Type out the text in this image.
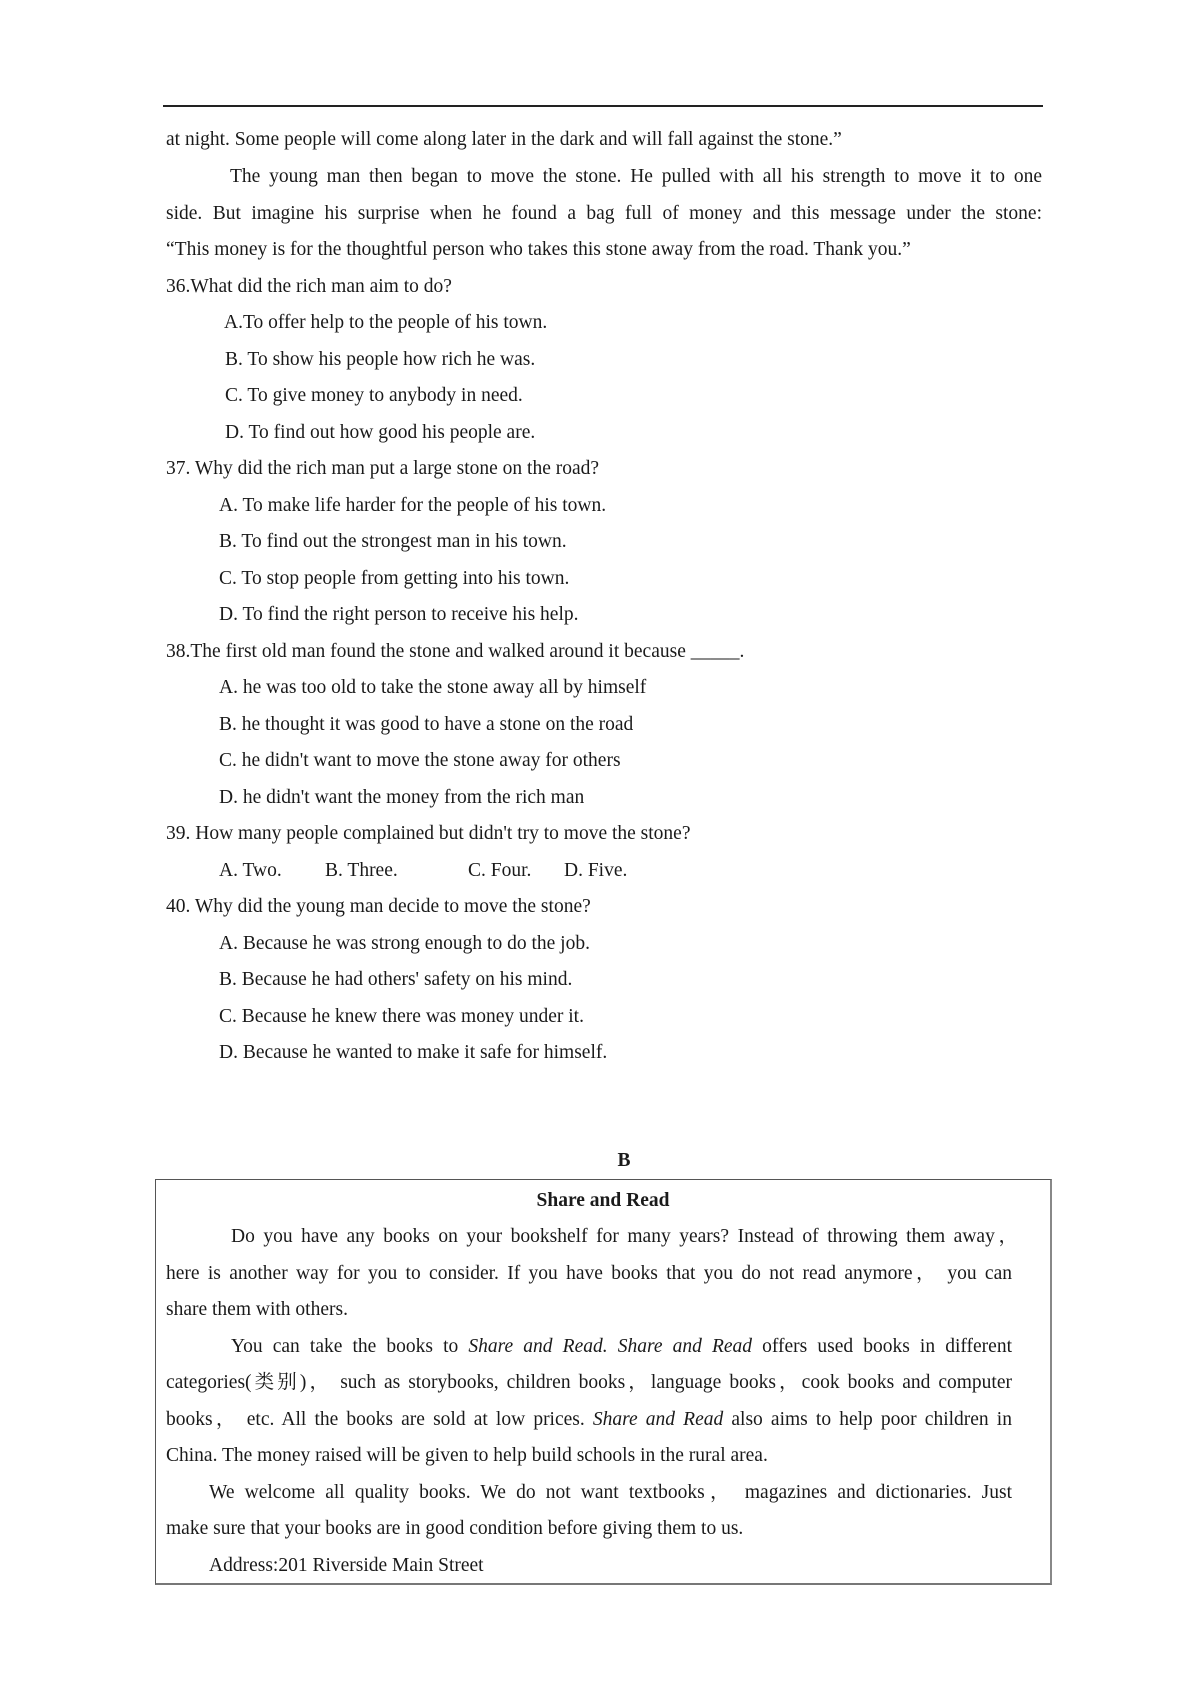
at night. Some people will come along later in the dark and will fall against the stone.”
The young man then began to move the stone. He pulled with all his strength to move it to one
side. But imagine his surprise when he found a bag full of money and this message under the stone:
“This money is for the thoughtful person who takes this stone away from the road. Thank you.”
36.What did the rich man aim to do?
A.To offer help to the people of his town.
B. To show his people how rich he was.
C. To give money to anybody in need.
D. To find out how good his people are.
37. Why did the rich man put a large stone on the road?
A. To make life harder for the people of his town.
B. To find out the strongest man in his town.
C. To stop people from getting into his town.
D. To find the right person to receive his help.
38.The first old man found the stone and walked around it because _____.
A. he was too old to take the stone away all by himself
B. he thought it was good to have a stone on the road
C. he didn't want to move the stone away for others
D. he didn't want the money from the rich man
39. How many people complained but didn't try to move the stone?
A. Two. B. Three.	C. Four. D. Five.
40. Why did the young man decide to move the stone?
A. Because he was strong enough to do the job.
B. Because he had others' safety on his mind.
C. Because he knew there was money under it.
D. Because he wanted to make it safe for himself.
B
Share and Read
Do you have any books on your bookshelf for many years? Instead of throwing them away，
here is another way for you to consider. If you have books that you do not read anymore， you can
share them with others.
You can take the books to Share and Read. Share and Read offers used books in different
categories(类别)， such as storybooks, children books，language books，cook books and computer
books， etc. All the books are sold at low prices. Share and Read also aims to help poor children in
China. The money raised will be given to help build schools in the rural area.
We welcome all quality books. We do not want textbooks， magazines and dictionaries. Just
make sure that your books are in good condition before giving them to us.
Address:201 Riverside Main Street
